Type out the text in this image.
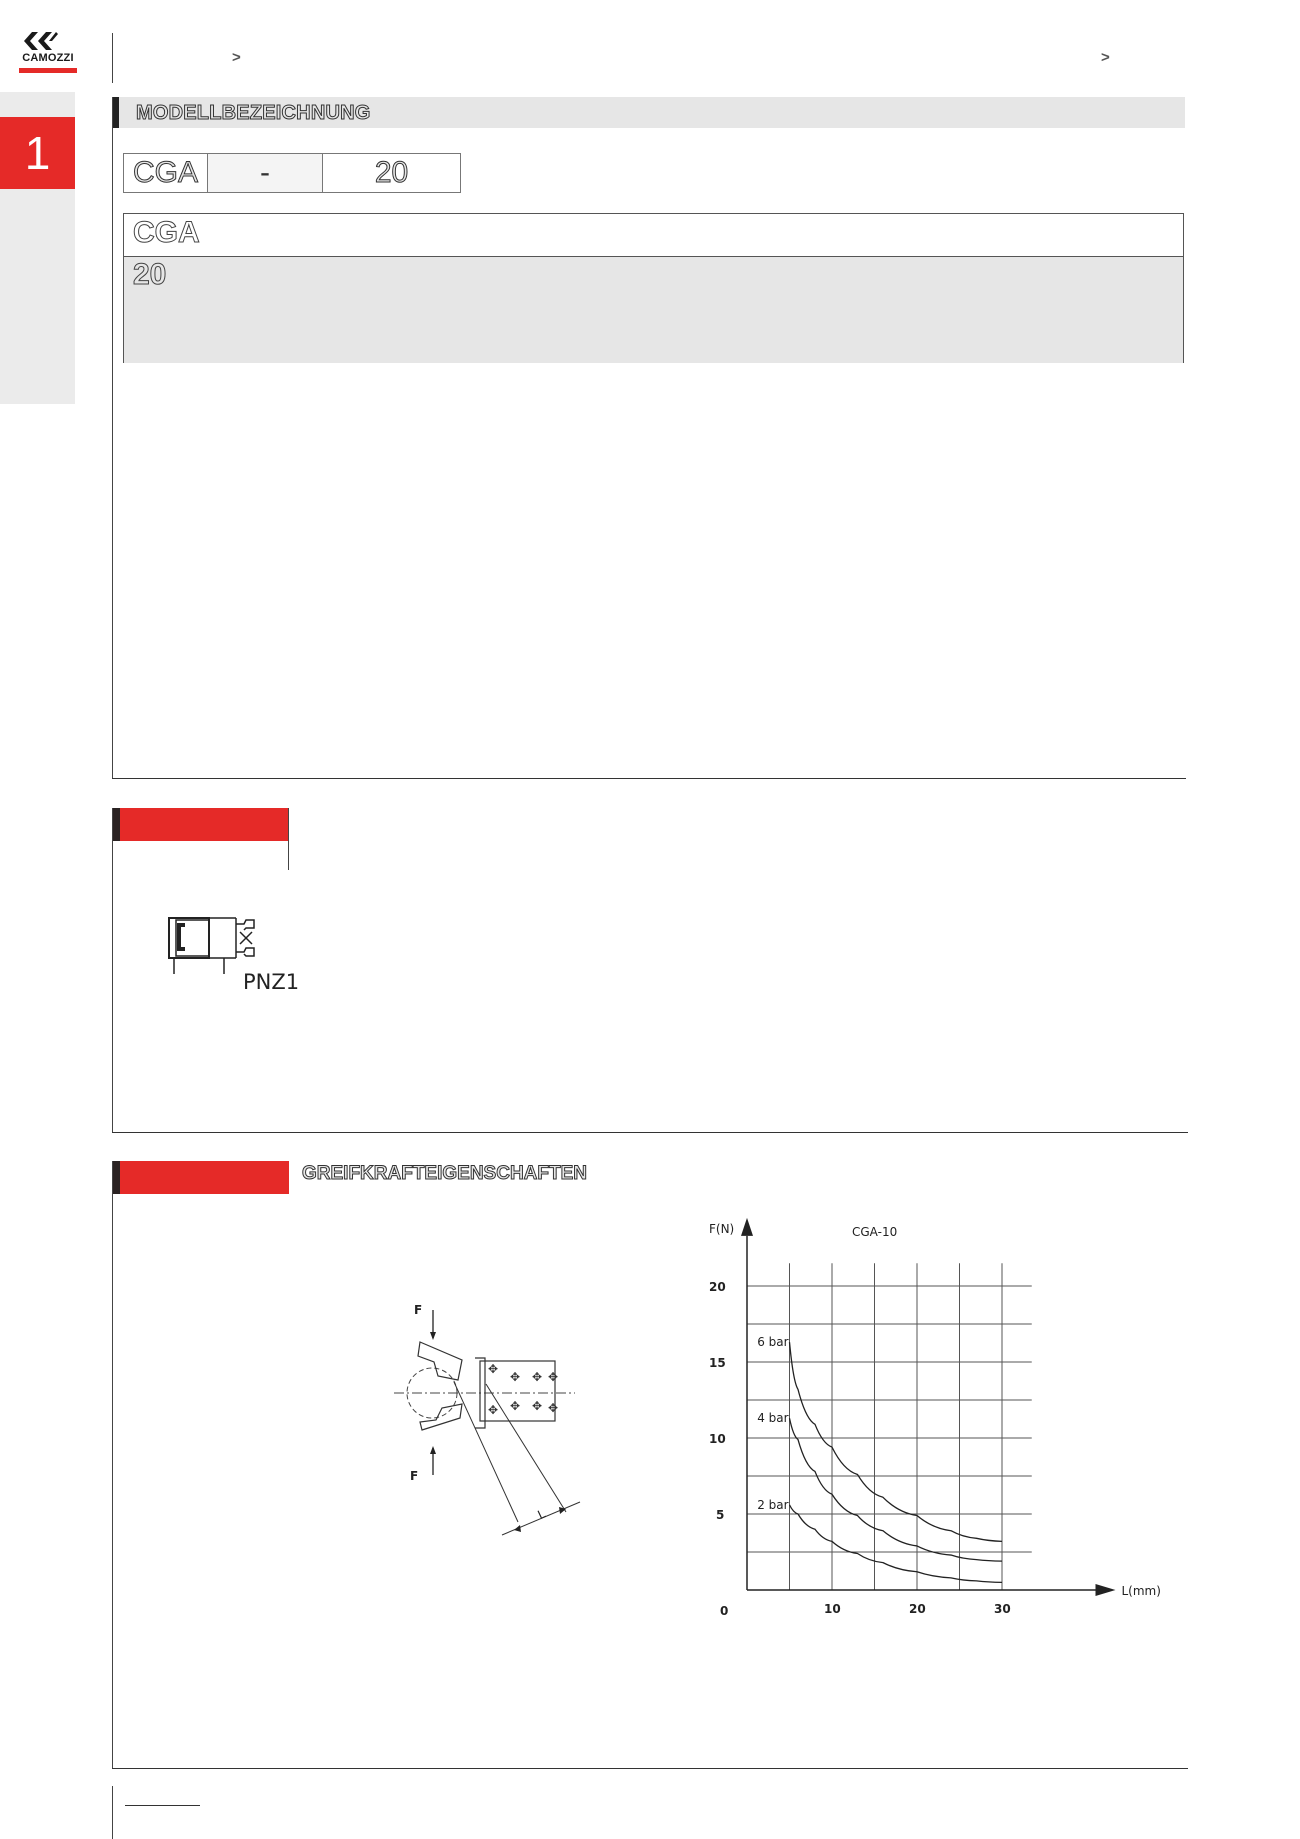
CAMOZZI
1
>	>
MODELLBEZEICHNUNG
CGA	-	20
CGA
20
PNZ1
GREIFKRAFTEIGENSCHAFTEN
✥ ✥ ✥
✥
✥ ✥ ✥ ✥
F
F
L
F(N)
L(mm)
CGA-10
0
5
10
15
20
10	20	30
6 bar
4 bar
2 bar
